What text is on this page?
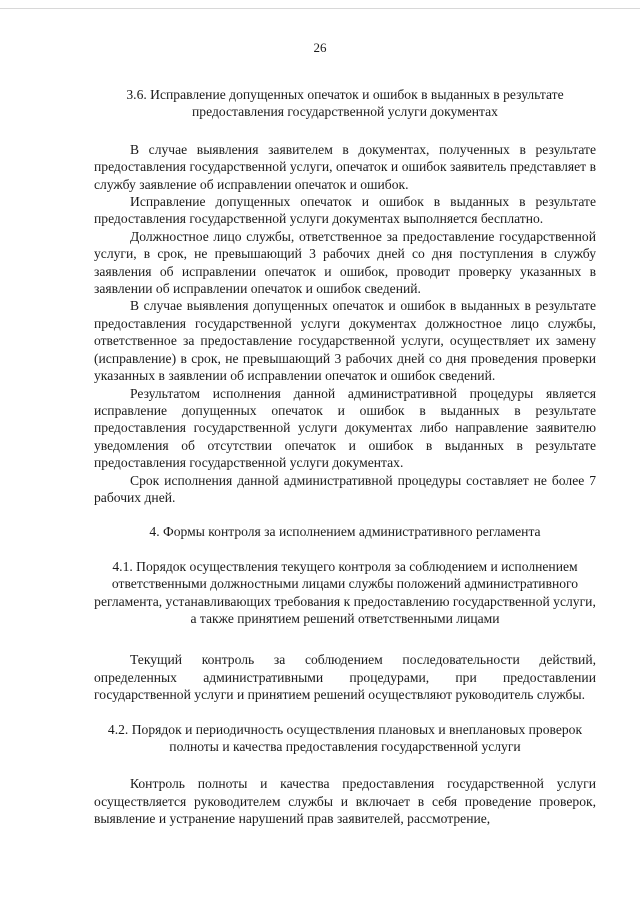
26

3.6. Исправление допущенных опечаток и ошибок в выданных в результате предоставления государственной услуги документах

В случае выявления заявителем в документах, полученных в результате предоставления государственной услуги, опечаток и ошибок заявитель представляет в службу заявление об исправлении опечаток и ошибок.

Исправление допущенных опечаток и ошибок в выданных в результате предоставления государственной услуги документах выполняется бесплатно.

Должностное лицо службы, ответственное за предоставление государственной услуги, в срок, не превышающий 3 рабочих дней со дня поступления в службу заявления об исправлении опечаток и ошибок, проводит проверку указанных в заявлении об исправлении опечаток и ошибок сведений.

В случае выявления допущенных опечаток и ошибок в выданных в результате предоставления государственной услуги документах должностное лицо службы, ответственное за предоставление государственной услуги, осуществляет их замену (исправление) в срок, не превышающий 3 рабочих дней со дня проведения проверки указанных в заявлении об исправлении опечаток и ошибок сведений.

Результатом исполнения данной административной процедуры является исправление допущенных опечаток и ошибок в выданных в результате предоставления государственной услуги документах либо направление заявителю уведомления об отсутствии опечаток и ошибок в выданных в результате предоставления государственной услуги документах.

Срок исполнения данной административной процедуры составляет не более 7 рабочих дней.

4. Формы контроля за исполнением административного регламента

4.1. Порядок осуществления текущего контроля за соблюдением и исполнением ответственными должностными лицами службы положений административного регламента, устанавливающих требования к предоставлению государственной услуги, а также принятием решений ответственными лицами

Текущий контроль за соблюдением последовательности действий, определенных административными процедурами, при предоставлении государственной услуги и принятием решений осуществляют руководитель службы.

4.2. Порядок и периодичность осуществления плановых и внеплановых проверок полноты и качества предоставления государственной услуги

Контроль полноты и качества предоставления государственной услуги осуществляется руководителем службы и включает в себя проведение проверок, выявление и устранение нарушений прав заявителей, рассмотрение,
